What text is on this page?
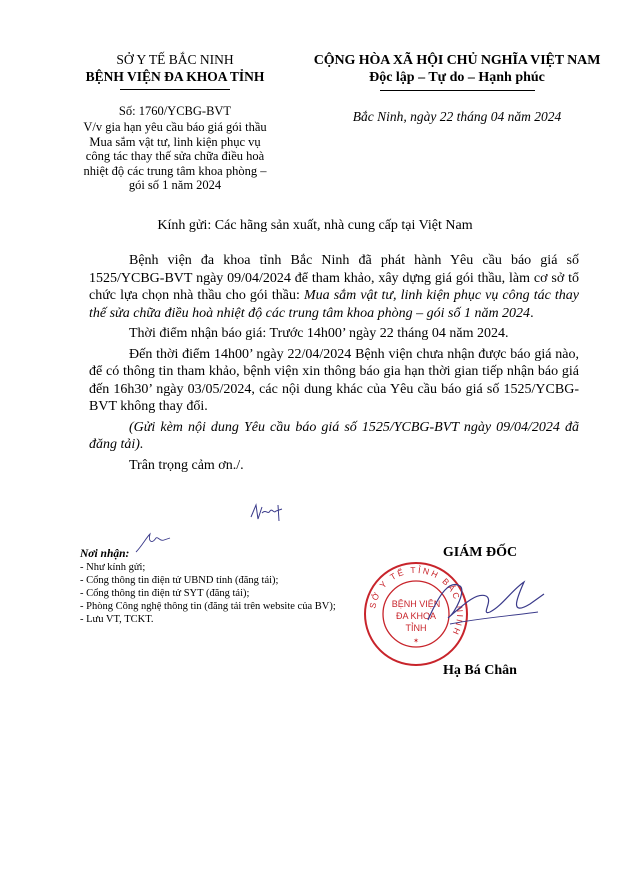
SỞ Y TẾ BẮC NINH
BỆNH VIỆN ĐA KHOA TỈNH
Số: 1760/YCBG-BVT
V/v gia hạn yêu cầu báo giá gói thầu
Mua sắm vật tư, linh kiện phục vụ
công tác thay thế sửa chữa điều hoà
nhiệt độ các trung tâm khoa phòng –
gói số 1 năm 2024
CỘNG HÒA XÃ HỘI CHỦ NGHĨA VIỆT NAM
Độc lập – Tự do – Hạnh phúc
Bắc Ninh, ngày 22 tháng 04 năm 2024
Kính gửi: Các hãng sản xuất, nhà cung cấp tại Việt Nam

Bệnh viện đa khoa tỉnh Bắc Ninh đã phát hành Yêu cầu báo giá số 1525/YCBG-BVT ngày 09/04/2024 để tham khảo, xây dựng giá gói thầu, làm cơ sở tổ chức lựa chọn nhà thầu cho gói thầu: Mua sắm vật tư, linh kiện phục vụ công tác thay thế sửa chữa điều hoà nhiệt độ các trung tâm khoa phòng – gói số 1 năm 2024.

Thời điểm nhận báo giá: Trước 14h00’ ngày 22 tháng 04 năm 2024.

Đến thời điểm 14h00’ ngày 22/04/2024 Bệnh viện chưa nhận được báo giá nào, để có thông tin tham khảo, bệnh viện xin thông báo gia hạn thời gian tiếp nhận báo giá đến 16h30’ ngày 03/05/2024, các nội dung khác của Yêu cầu báo giá số 1525/YCBG-BVT không thay đổi.

(Gửi kèm nội dung Yêu cầu báo giá số 1525/YCBG-BVT ngày 09/04/2024 đã đăng tải).

Trân trọng cảm ơn./.

Nơi nhận:
- Như kính gửi;
- Cổng thông tin điện tử UBND tỉnh (đăng tải);
- Cổng thông tin điện tử SYT (đăng tải);
- Phòng Công nghệ thông tin (đăng tải trên website của BV);
- Lưu VT, TCKT.
GIÁM ĐỐC
Hạ Bá Chân
SỞ Y TẾ TỈNH BẮC NINH
BỆNH VIỆN
ĐA KHOA
TỈNH
✶
